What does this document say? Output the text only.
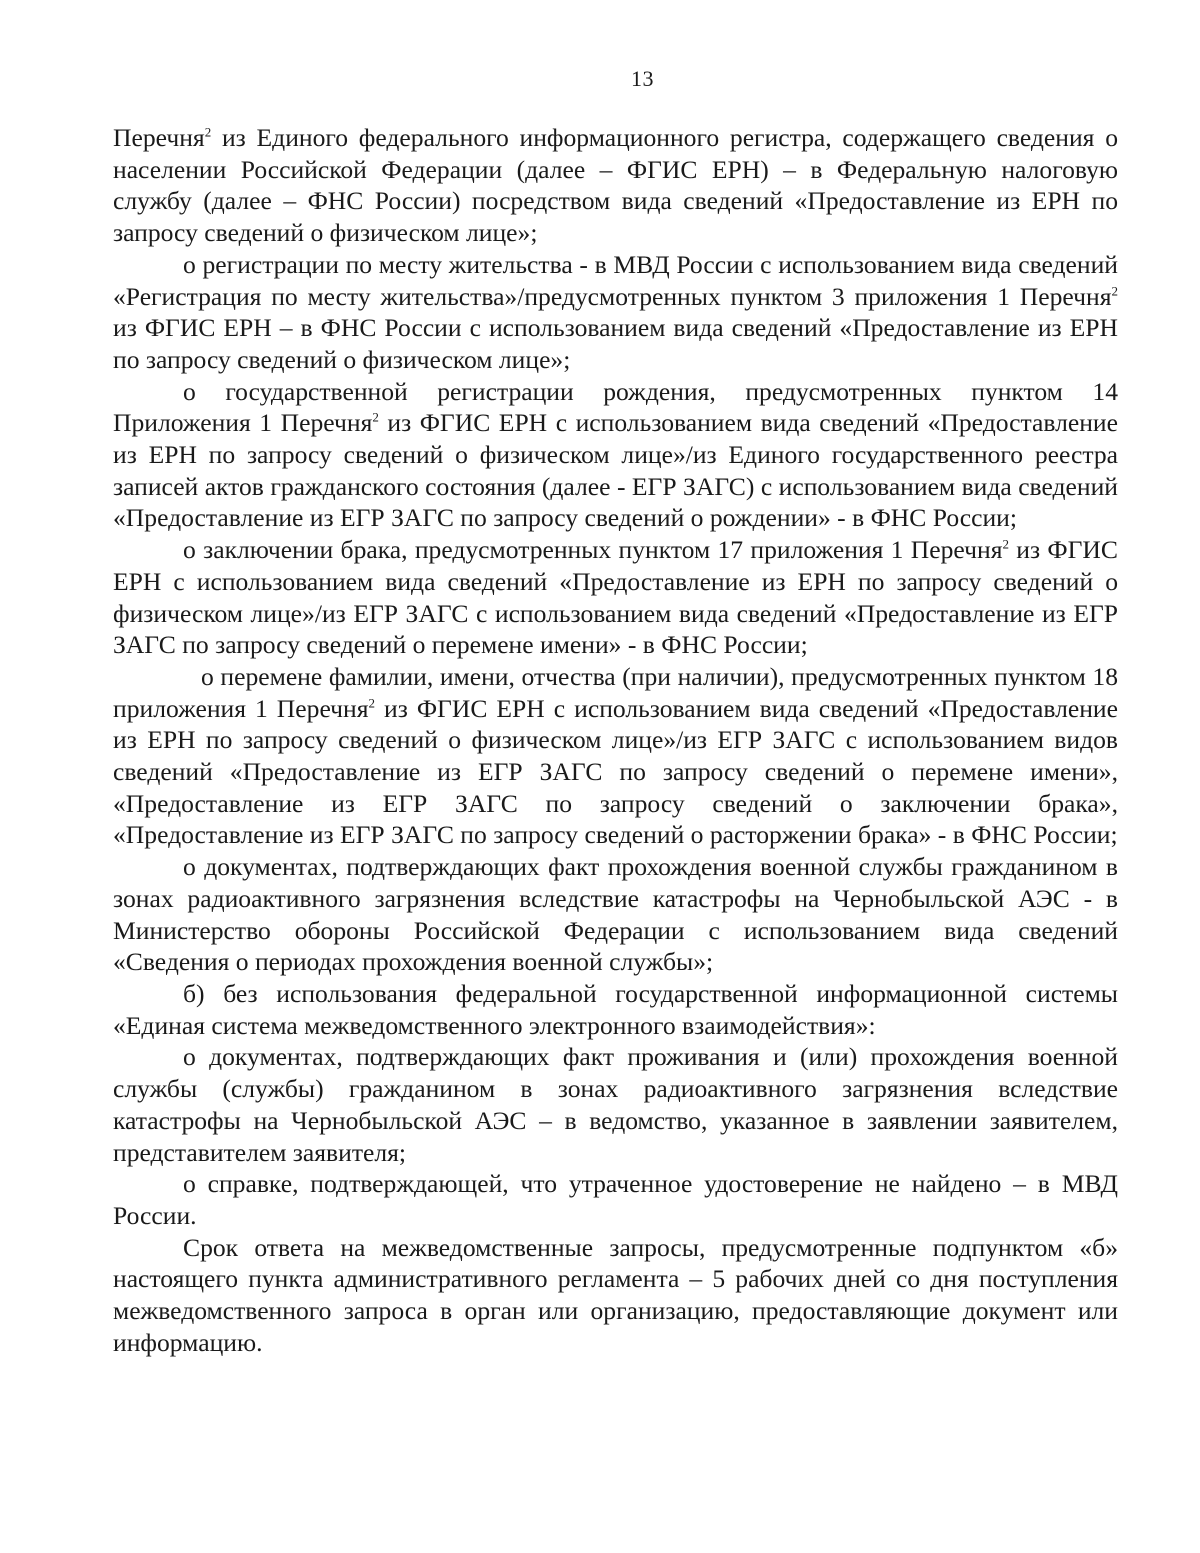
13

Перечня$^2$ из Единого федерального информационного регистра, содержащего сведения о населении Российской Федерации (далее – ФГИС ЕРН) – в Федеральную налоговую службу (далее – ФНС России) посредством вида сведений «Предоставление из ЕРН по запросу сведений о физическом лице»;

о регистрации по месту жительства - в МВД России с использованием вида сведений «Регистрация по месту жительства»/предусмотренных пунктом 3 приложения 1 Перечня$^2$ из ФГИС ЕРН – в ФНС России с использованием вида сведений «Предоставление из ЕРН по запросу сведений о физическом лице»;

о государственной регистрации рождения, предусмотренных пунктом 14 Приложения 1 Перечня$^2$ из ФГИС ЕРН с использованием вида сведений «Предоставление из ЕРН по запросу сведений о физическом лице»/из Единого государственного реестра записей актов гражданского состояния (далее - ЕГР ЗАГС) с использованием вида сведений «Предоставление из ЕГР ЗАГС по запросу сведений о рождении» - в ФНС России;

о заключении брака, предусмотренных пунктом 17 приложения 1 Перечня$^2$ из ФГИС ЕРН с использованием вида сведений «Предоставление из ЕРН по запросу сведений о физическом лице»/из ЕГР ЗАГС с использованием вида сведений «Предоставление из ЕГР ЗАГС по запросу сведений о перемене имени» - в ФНС России;

о перемене фамилии, имени, отчества (при наличии), предусмотренных пунктом 18 приложения 1 Перечня$^2$ из ФГИС ЕРН с использованием вида сведений «Предоставление из ЕРН по запросу сведений о физическом лице»/из ЕГР ЗАГС с использованием видов сведений «Предоставление из ЕГР ЗАГС по запросу сведений о перемене имени», «Предоставление из ЕГР ЗАГС по запросу сведений о заключении брака», «Предоставление из ЕГР ЗАГС по запросу сведений о расторжении брака» - в ФНС России;

о документах, подтверждающих факт прохождения военной службы гражданином в зонах радиоактивного загрязнения вследствие катастрофы на Чернобыльской АЭС - в Министерство обороны Российской Федерации с использованием вида сведений «Сведения о периодах прохождения военной службы»;

б) без использования федеральной государственной информационной системы «Единая система межведомственного электронного взаимодействия»:

о документах, подтверждающих факт проживания и (или) прохождения военной службы (службы) гражданином в зонах радиоактивного загрязнения вследствие катастрофы на Чернобыльской АЭС – в ведомство, указанное в заявлении заявителем, представителем заявителя;

о справке, подтверждающей, что утраченное удостоверение не найдено – в МВД России.

Срок ответа на межведомственные запросы, предусмотренные подпунктом «б» настоящего пункта административного регламента – 5 рабочих дней со дня поступления межведомственного запроса в орган или организацию, предоставляющие документ или информацию.
